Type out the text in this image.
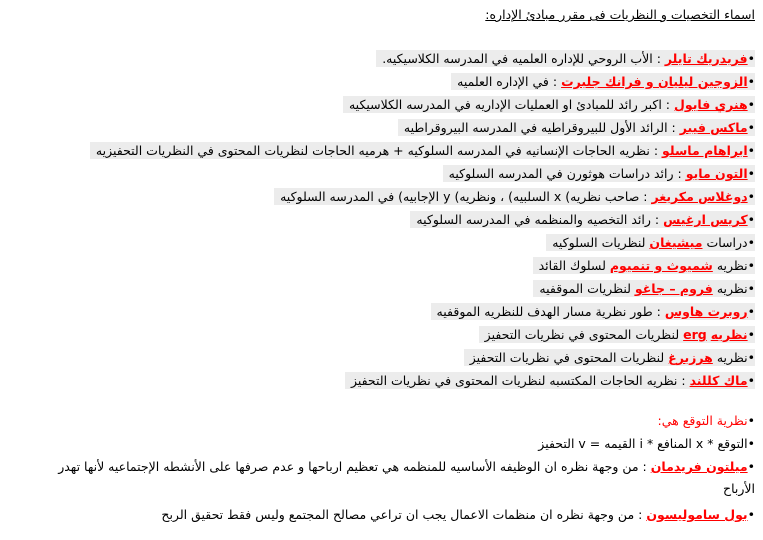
اسماء التخصيات و النظريات فى مقرر مبادئ الإداره:
•فريدريك تايلر : الأب الروحي للإداره العلميه في المدرسه الكلاسيكيه.
•الزوجين ليليان و فرانك جلبرت : في الإداره العلميه
•هنري فايول : اكبر رائد للمبادئ او العمليات الإداريه في المدرسه الكلاسيكيه
•ماكس فيبر : الرائد الأول للبيروقراطيه في المدرسه البيروقراطيه
•ابراهام ماسلو : نظريه الحاجات الإنسانيه في المدرسه السلوكيه + هرميه الحاجات لنظريات المحتوى في النظريات التحفيزيه
•التون مايو : رائد دراسات هوثورن في المدرسه السلوكيه
•دوغلاس مكريغر : صاحب نظريه) x السلبيه) ، ونظريه) y الإجابيه) في المدرسه السلوكيه
•كريس ارغيس : رائد التخصيه والمنظمه في المدرسه السلوكيه
•دراسات ميشيغان لنظريات السلوكيه
•نظريه شميوث و تنميوم لسلوك القائد
•نظريه فروم – جاغو لنظريات الموقفيه
•روبرت هاوس : طور نظرية مسار الهدف للنظريه الموقفيه
•نظريه erg لنظريات المحتوى في نظريات التحفيز
•نظريه هرزبرغ لنظريات المحتوى في نظريات التحفيز
•ماك كللند : نظريه الحاجات المكتسبه لنظريات المحتوى في نظريات التحفيز
•نظرية التوقع هي:
•التوقع * x المنافع * i القيمه = v التحفيز
•ميلتون فريدمان : من وجهة نظره ان الوظيفه الأساسيه للمنظمه هي تعظيم ارباحها و عدم صرفها على الأنشطه الإجتماعيه لأنها تهدر الأرباح
•بول ساموليسون : من وجهة نظره ان منظمات الاعمال يجب ان تراعي مصالح المجتمع وليس فقط تحقيق الربح
